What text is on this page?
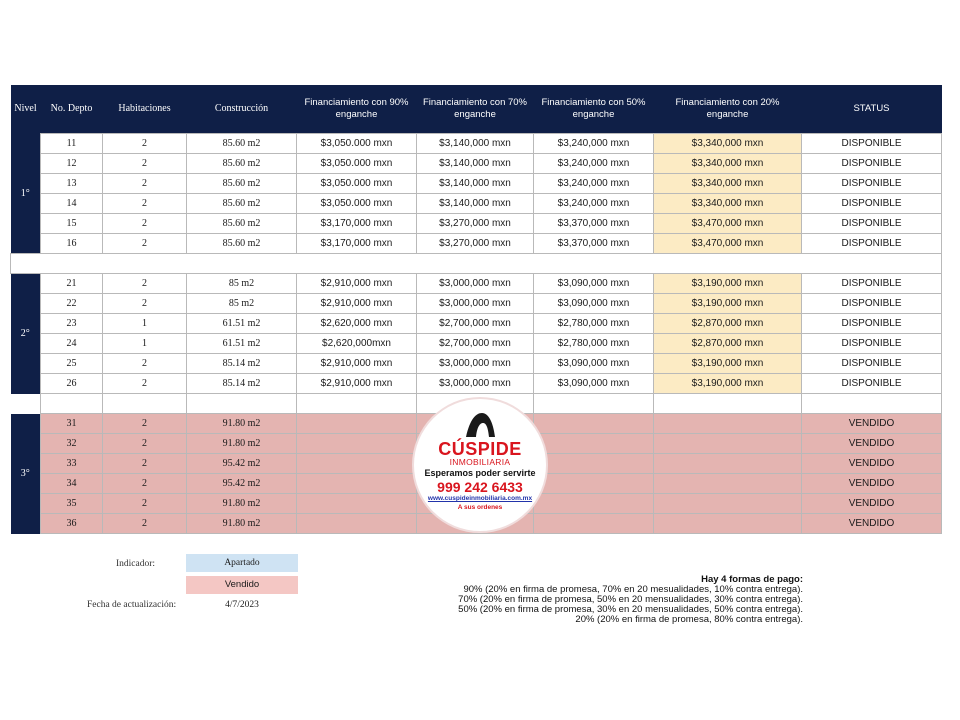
Nivel	No. Depto	Habitaciones	Construcción	Financiamiento con 90% enganche	Financiamiento con 70% enganche	Financiamiento con 50% enganche	Financiamiento con 20% enganche	STATUS
1°	11	2	85.60 m2	$3,050.000 mxn	$3,140,000 mxn	$3,240,000 mxn	$3,340,000 mxn	DISPONIBLE
	12	2	85.60 m2	$3,050.000 mxn	$3,140,000 mxn	$3,240,000 mxn	$3,340,000 mxn	DISPONIBLE
	13	2	85.60 m2	$3,050.000 mxn	$3,140,000 mxn	$3,240,000 mxn	$3,340,000 mxn	DISPONIBLE
	14	2	85.60 m2	$3,050.000 mxn	$3,140,000 mxn	$3,240,000 mxn	$3,340,000 mxn	DISPONIBLE
	15	2	85.60 m2	$3,170,000 mxn	$3,270,000 mxn	$3,370,000 mxn	$3,470,000 mxn	DISPONIBLE
	16	2	85.60 m2	$3,170,000 mxn	$3,270,000 mxn	$3,370,000 mxn	$3,470,000 mxn	DISPONIBLE

2°	21	2	85 m2	$2,910,000 mxn	$3,000,000 mxn	$3,090,000 mxn	$3,190,000 mxn	DISPONIBLE
	22	2	85 m2	$2,910,000 mxn	$3,000,000 mxn	$3,090,000 mxn	$3,190,000 mxn	DISPONIBLE
	23	1	61.51 m2	$2,620,000 mxn	$2,700,000 mxn	$2,780,000 mxn	$2,870,000 mxn	DISPONIBLE
	24	1	61.51 m2	$2,620,000mxn	$2,700,000 mxn	$2,780,000 mxn	$2,870,000 mxn	DISPONIBLE
	25	2	85.14 m2	$2,910,000 mxn	$3,000,000 mxn	$3,090,000 mxn	$3,190,000 mxn	DISPONIBLE
	26	2	85.14 m2	$2,910,000 mxn	$3,000,000 mxn	$3,090,000 mxn	$3,190,000 mxn	DISPONIBLE

3°	31	2	91.80 m2					VENDIDO
	32	2	91.80 m2					VENDIDO
	33	2	95.42 m2					VENDIDO
	34	2	95.42 m2					VENDIDO
	35	2	91.80 m2					VENDIDO
	36	2	91.80 m2					VENDIDO
CÚSPIDE
INMOBILIARIA
Esperamos poder servirte
999 242 6433
www.cuspideinmobiliaria.com.mx
A sus ordenes
Indicador:	Apartado
Vendido
Fecha de actualización:	4/7/2023
Hay 4 formas de pago:
90% (20% en firma de promesa, 70% en 20 mesualidades, 10% contra entrega).
70% (20% en firma de promesa, 50% en 20 mensualidades, 30% contra entrega).
50% (20% en firma de promesa, 30% en 20 mensualidades, 50% contra entrega).
20% (20% en firma de promesa, 80% contra entrega).
